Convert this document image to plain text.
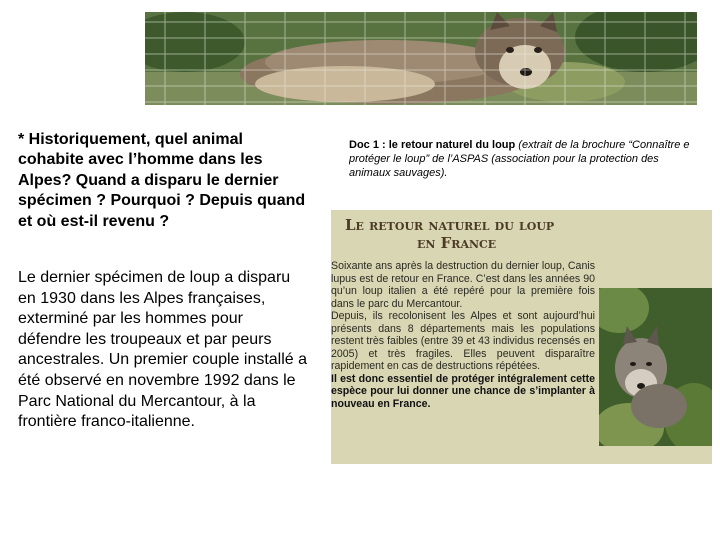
* Historiquement, quel animal cohabite avec l’homme dans les Alpes? Quand a disparu le dernier spécimen ? Pourquoi ? Depuis quand et où est-il revenu ?
Le dernier spécimen de loup a disparu en 1930 dans les Alpes françaises, exterminé par les hommes pour défendre les troupeaux et par peurs ancestrales. Un premier couple installé a été observé en novembre 1992 dans le Parc National du Mercantour, à la frontière franco-italienne.
Doc 1 : le retour naturel du loup (extrait de la brochure “Connaître e
protéger le loup” de l’ASPAS (association pour la protection des
animaux sauvages).
Le retour naturel du loup
en France
Soixante ans après la destruction du dernier loup, Canis lupus est de retour en France. C’est dans les années 90 qu’un loup italien a été repéré pour la première fois dans le parc du Mercantour.
Depuis, ils recolonisent les Alpes et sont aujourd’hui présents dans 8 départements mais les populations restent très faibles (entre 39 et 43 individus recensés en 2005) et très fragiles. Elles peuvent disparaître rapidement en cas de destructions répétées.
Il est donc essentiel de protéger intégralement cette espèce pour lui donner une chance de s’implanter à nouveau en France.
